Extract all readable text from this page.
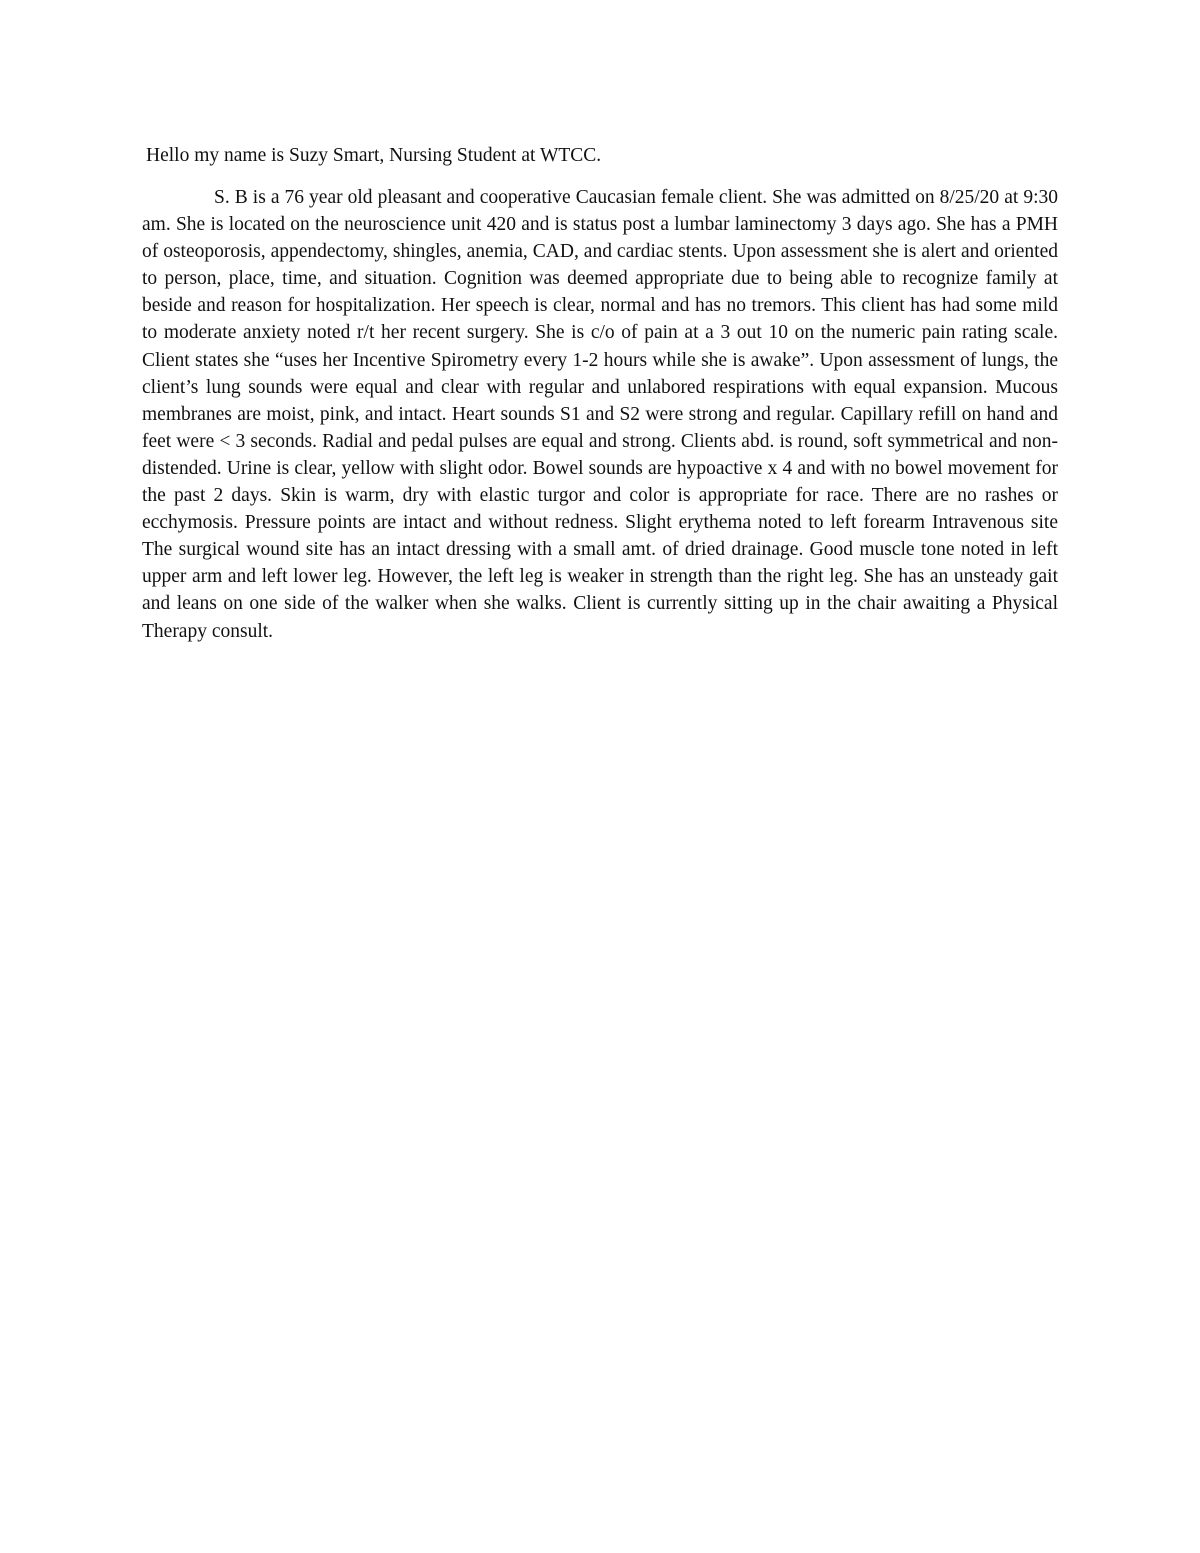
Hello my name is Suzy Smart, Nursing Student at WTCC.

S. B is a 76 year old pleasant and cooperative Caucasian female client. She was admitted on 8/25/20 at 9:30 am. She is located on the neuroscience unit 420 and is status post a lumbar laminectomy 3 days ago. She has a PMH of osteoporosis, appendectomy, shingles, anemia, CAD, and cardiac stents. Upon assessment she is alert and oriented to person, place, time, and situation. Cognition was deemed appropriate due to being able to recognize family at beside and reason for hospitalization. Her speech is clear, normal and has no tremors. This client has had some mild to moderate anxiety noted r/t her recent surgery. She is c/o of pain at a 3 out 10 on the numeric pain rating scale. Client states she “uses her Incentive Spirometry every 1-2 hours while she is awake”. Upon assessment of lungs, the client’s lung sounds were equal and clear with regular and unlabored respirations with equal expansion. Mucous membranes are moist, pink, and intact. Heart sounds S1 and S2 were strong and regular. Capillary refill on hand and feet were < 3 seconds. Radial and pedal pulses are equal and strong. Clients abd. is round, soft symmetrical and non-distended. Urine is clear, yellow with slight odor. Bowel sounds are hypoactive x 4 and with no bowel movement for the past 2 days. Skin is warm, dry with elastic turgor and color is appropriate for race. There are no rashes or ecchymosis. Pressure points are intact and without redness. Slight erythema noted to left forearm Intravenous site The surgical wound site has an intact dressing with a small amt. of dried drainage. Good muscle tone noted in left upper arm and left lower leg. However, the left leg is weaker in strength than the right leg. She has an unsteady gait and leans on one side of the walker when she walks. Client is currently sitting up in the chair awaiting a Physical Therapy consult.
